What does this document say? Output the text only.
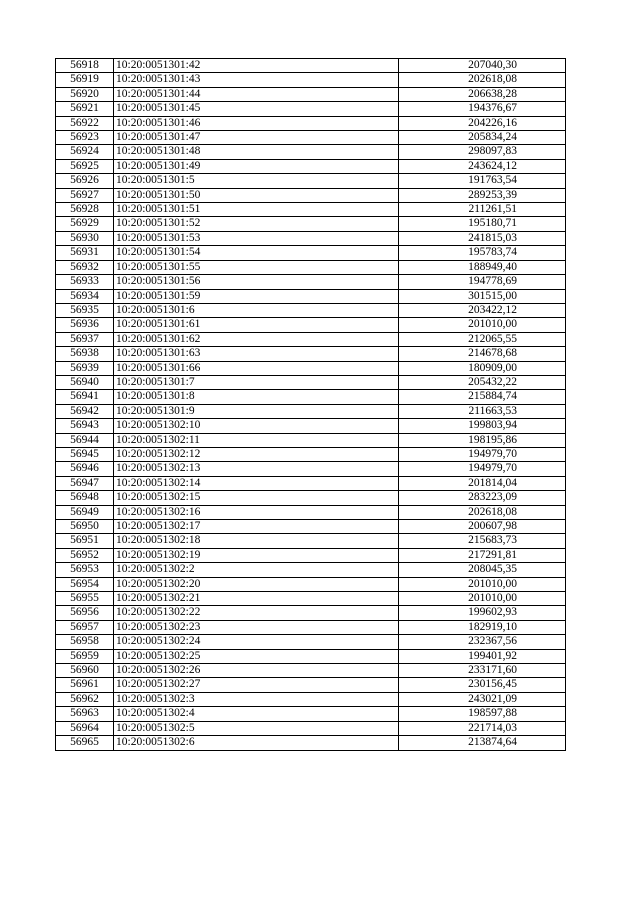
56918	10:20:0051301:42	207040,30
56919	10:20:0051301:43	202618,08
56920	10:20:0051301:44	206638,28
56921	10:20:0051301:45	194376,67
56922	10:20:0051301:46	204226,16
56923	10:20:0051301:47	205834,24
56924	10:20:0051301:48	298097,83
56925	10:20:0051301:49	243624,12
56926	10:20:0051301:5	191763,54
56927	10:20:0051301:50	289253,39
56928	10:20:0051301:51	211261,51
56929	10:20:0051301:52	195180,71
56930	10:20:0051301:53	241815,03
56931	10:20:0051301:54	195783,74
56932	10:20:0051301:55	188949,40
56933	10:20:0051301:56	194778,69
56934	10:20:0051301:59	301515,00
56935	10:20:0051301:6	203422,12
56936	10:20:0051301:61	201010,00
56937	10:20:0051301:62	212065,55
56938	10:20:0051301:63	214678,68
56939	10:20:0051301:66	180909,00
56940	10:20:0051301:7	205432,22
56941	10:20:0051301:8	215884,74
56942	10:20:0051301:9	211663,53
56943	10:20:0051302:10	199803,94
56944	10:20:0051302:11	198195,86
56945	10:20:0051302:12	194979,70
56946	10:20:0051302:13	194979,70
56947	10:20:0051302:14	201814,04
56948	10:20:0051302:15	283223,09
56949	10:20:0051302:16	202618,08
56950	10:20:0051302:17	200607,98
56951	10:20:0051302:18	215683,73
56952	10:20:0051302:19	217291,81
56953	10:20:0051302:2	208045,35
56954	10:20:0051302:20	201010,00
56955	10:20:0051302:21	201010,00
56956	10:20:0051302:22	199602,93
56957	10:20:0051302:23	182919,10
56958	10:20:0051302:24	232367,56
56959	10:20:0051302:25	199401,92
56960	10:20:0051302:26	233171,60
56961	10:20:0051302:27	230156,45
56962	10:20:0051302:3	243021,09
56963	10:20:0051302:4	198597,88
56964	10:20:0051302:5	221714,03
56965	10:20:0051302:6	213874,64
